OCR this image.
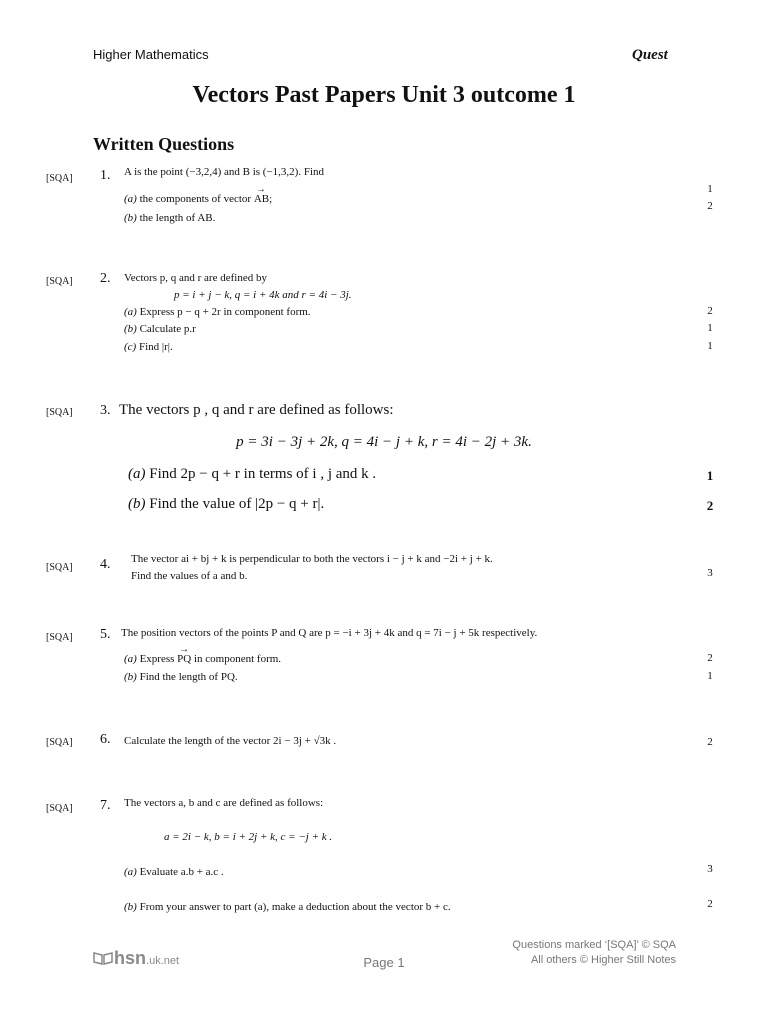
Higher Mathematics	Quest
Vectors Past Papers Unit 3 outcome 1
Written Questions
[SQA] 1. A is the point (−3,2,4) and B is (−1,3,2). Find
(a) the components of vector → AB;
1
(b) the length of AB.
2
[SQA] 2. Vectors p, q and r are defined by
p = i + j − k, q = i + 4k and r = 4i − 3j.
(a) Express p − q + 2r in component form.	2
(b) Calculate p.r	1
(c) Find |r|.	1
[SQA] 3. The vectors p , q and r are defined as follows:
p = 3i − 3j + 2k, q = 4i − j + k, r = 4i − 2j + 3k.
(a) Find 2p − q + r in terms of i , j and k .	1
(b) Find the value of |2p − q + r|.	2
[SQA] 4. The vector ai + bj + k is perpendicular to both the vectors i − j + k and −2i + j + k.
Find the values of a and b.	3
[SQA] 5. The position vectors of the points P and Q are p = −i + 3j + 4k and q = 7i − j + 5k respectively.
(a) Express → PQ in component form.	2
(b) Find the length of PQ.	1
[SQA] 6. Calculate the length of the vector 2i − 3j + √3k .	2
[SQA] 7. The vectors a, b and c are defined as follows:
a = 2i − k, b = i + 2j + k, c = −j + k .
(a) Evaluate a.b + a.c .	3
(b) From your answer to part (a), make a deduction about the vector b + c.	2
hsn.uk.net	Page 1
Questions marked ‘[SQA]’ © SQA
All others © Higher Still Notes
